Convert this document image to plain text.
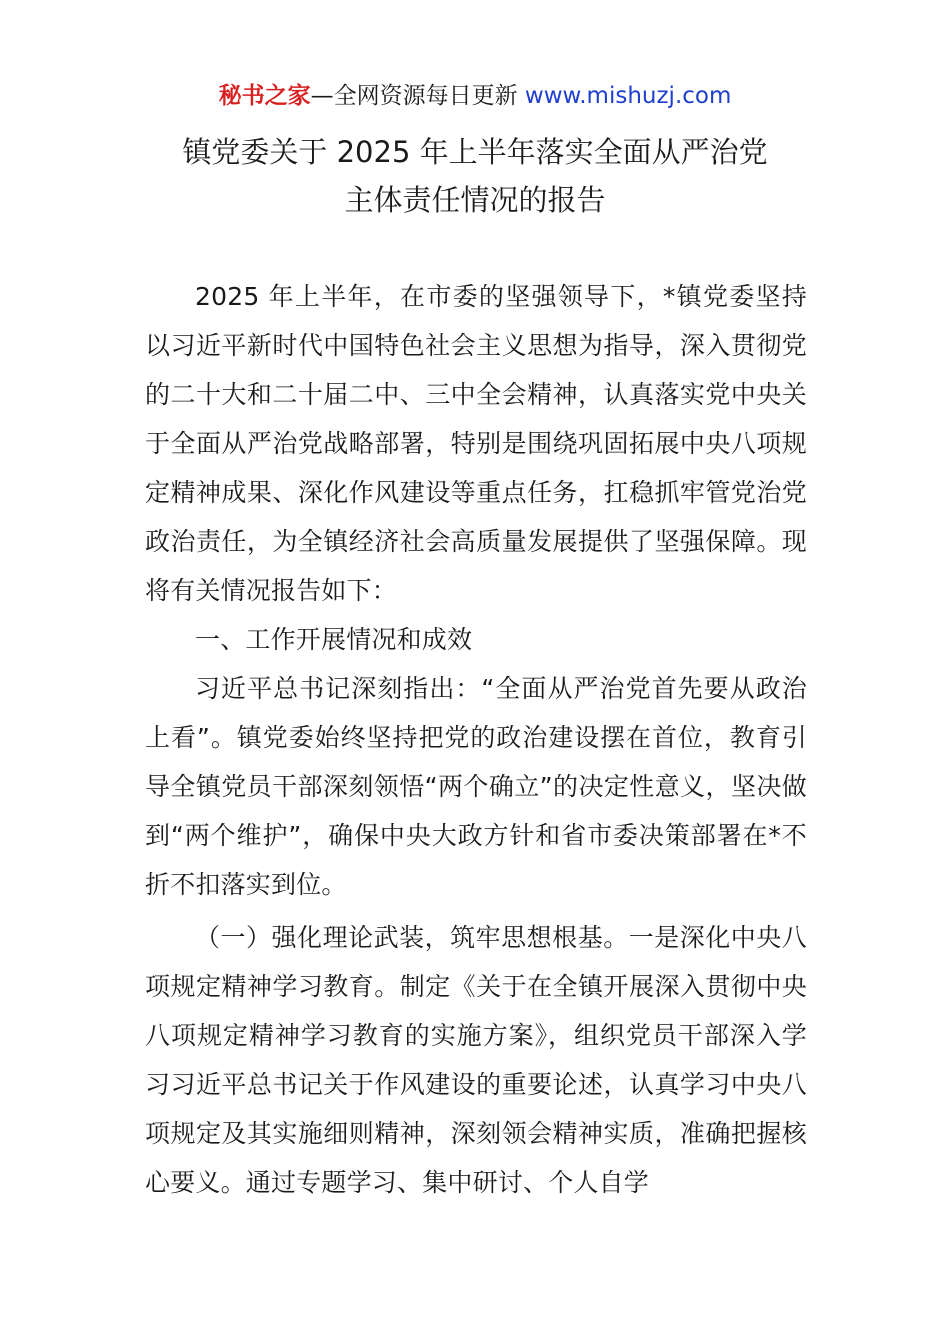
秘书之家—全网资源每日更新 www.mishuzj.com
镇党委关于 2025 年上半年落实全面从严治党
主体责任情况的报告

2025 年上半年，在市委的坚强领导下，*镇党委坚持以习近平新时代中国特色社会主义思想为指导，深入贯彻党的二十大和二十届二中、三中全会精神，认真落实党中央关于全面从严治党战略部署，特别是围绕巩固拓展中央八项规定精神成果、深化作风建设等重点任务，扛稳抓牢管党治党政治责任，为全镇经济社会高质量发展提供了坚强保障。现将有关情况报告如下：

一、工作开展情况和成效

习近平总书记深刻指出：“全面从严治党首先要从政治上看”。镇党委始终坚持把党的政治建设摆在首位，教育引导全镇党员干部深刻领悟“两个确立”的决定性意义，坚决做到“两个维护”，确保中央大政方针和省市委决策部署在*不折不扣落实到位。

（一）强化理论武装，筑牢思想根基。一是深化中央八项规定精神学习教育。制定《关于在全镇开展深入贯彻中央八项规定精神学习教育的实施方案》，组织党员干部深入学习习近平总书记关于作风建设的重要论述，认真学习中央八项规定及其实施细则精神，深刻领会精神实质，准确把握核心要义。通过专题学习、集中研讨、个人自学
